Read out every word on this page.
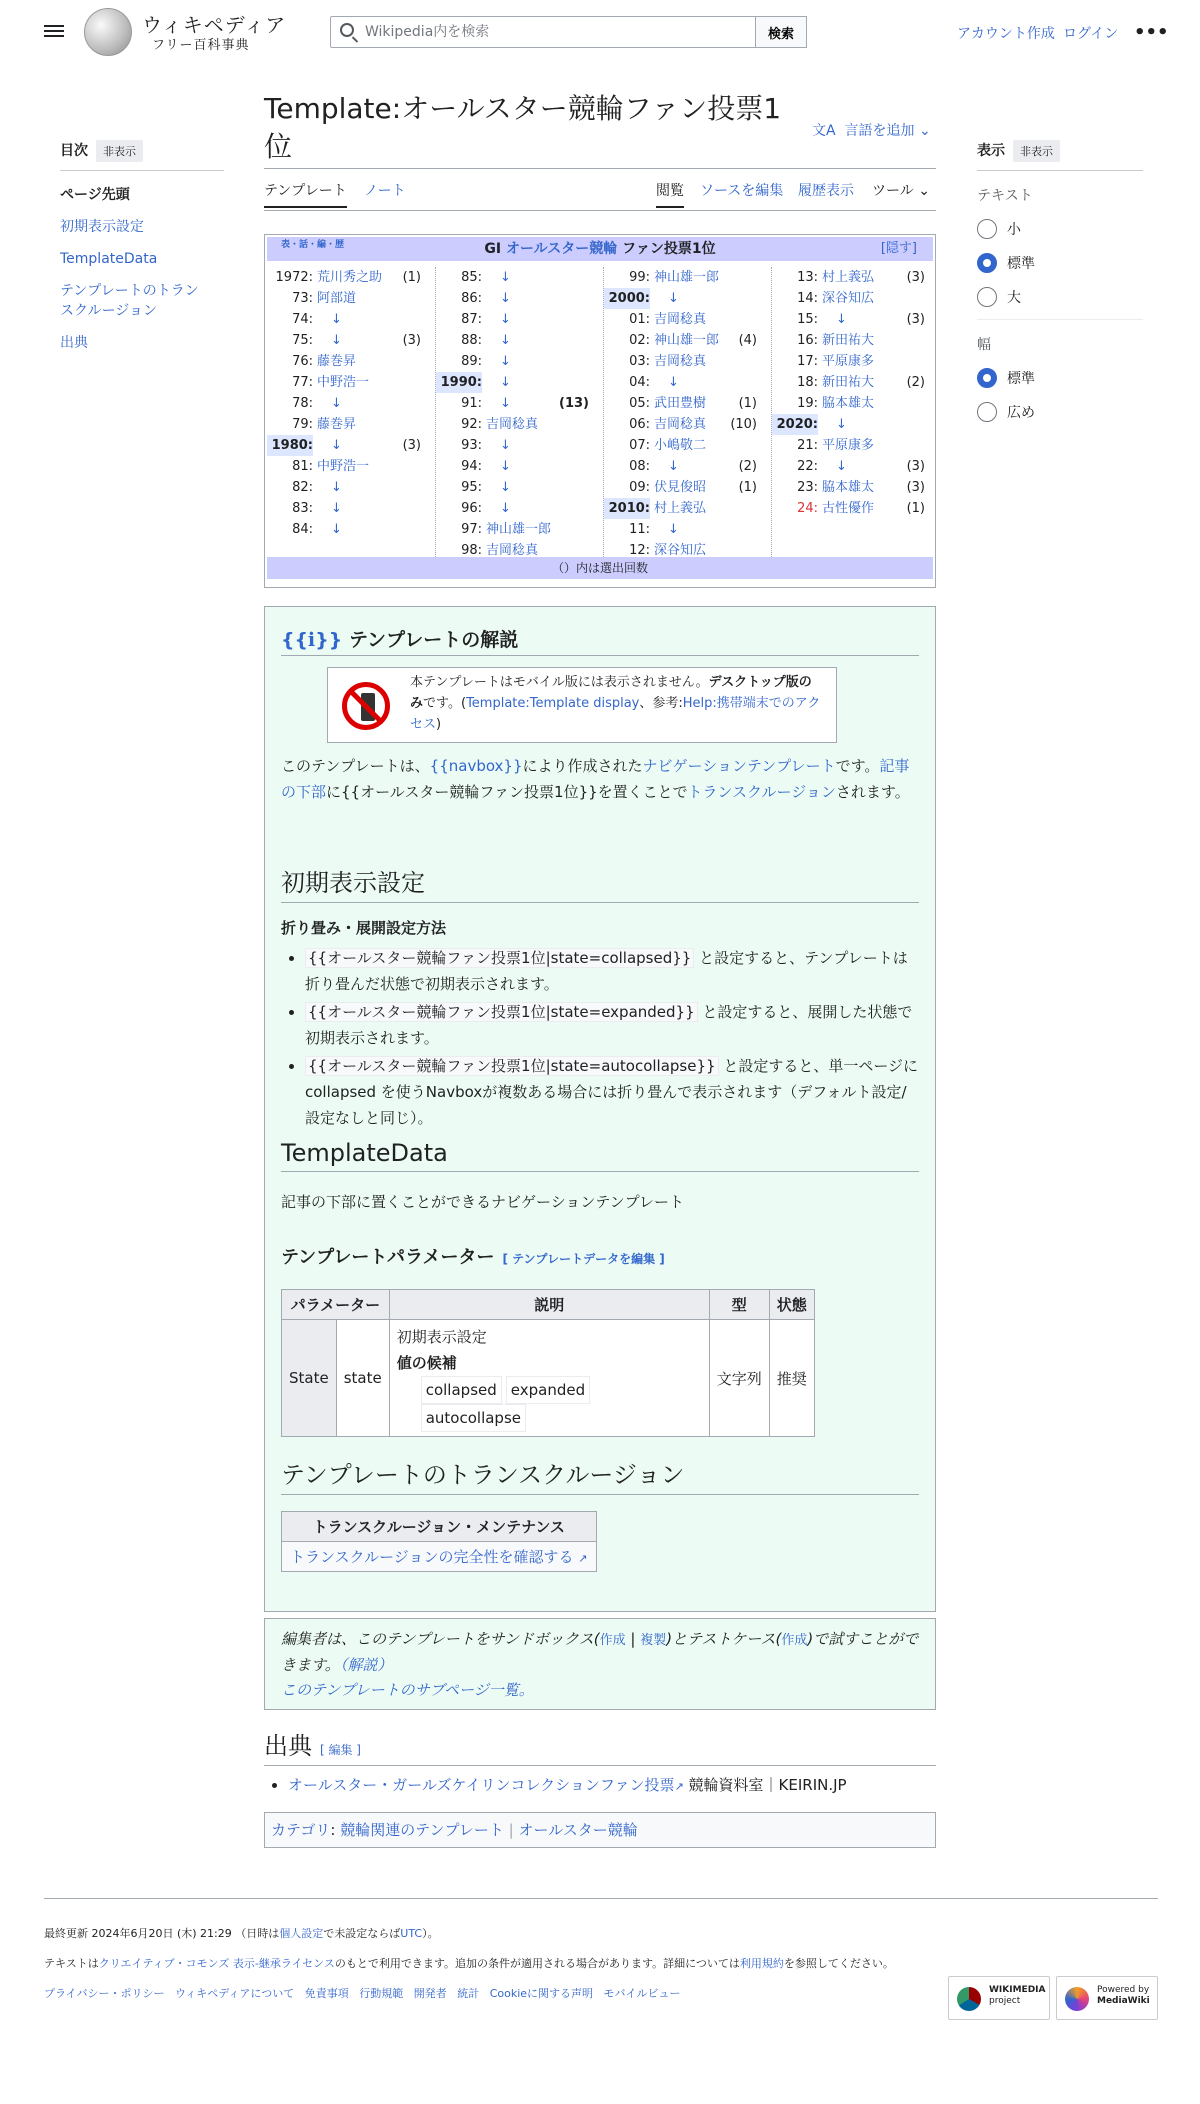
ウィキペディア
フリー百科事典
Wikipedia内を検索
検索	アカウント作成 ログイン •••
目次 非表示
ページ先頭
初期表示設定
TemplateData
テンプレートのトランスクルージョン
出典
表示 非表示
テキスト
小
標準
大
幅
標準
広め
Template:オールスター競輪ファン投票1位	文A 言語を追加 ⌄
テンプレート ノート	閲覧 ソースを編集 履歴表示 ツール ⌄
表・話・編・歴	GI オールスター競輪 ファン投票1位	[隠す]
1972: 荒川秀之助 (1)
73: 阿部道
74: ↓
75: ↓	(3)
76: 藤巻昇
77: 中野浩一
78: ↓
79: 藤巻昇
1980: ↓	(3)
81: 中野浩一
82: ↓
83: ↓
84: ↓
85: ↓
86: ↓
87: ↓
88: ↓
89: ↓
1990: ↓
91: ↓	(13)
92: 吉岡稔真
93: ↓
94: ↓
95: ↓
96: ↓
97: 神山雄一郎
98: 吉岡稔真
99: 神山雄一郎
2000: ↓
01: 吉岡稔真
02: 神山雄一郎 (4)
03: 吉岡稔真
04: ↓
05: 武田豊樹	(1)
06: 吉岡稔真 (10)
07: 小嶋敬二
08: ↓	(2)
09: 伏見俊昭	(1)
2010: 村上義弘
11: ↓
12: 深谷知広
13: 村上義弘	(3)
14: 深谷知広
15: ↓	(3)
16: 新田祐大
17: 平原康多
18: 新田祐大	(2)
19: 脇本雄太
2020: ↓
21: 平原康多
22: ↓	(3)
23: 脇本雄太	(3)
24: 古性優作	(1)
（）内は選出回数
{{ℹ}} テンプレートの解説
本テンプレートはモバイル版には表示されません。デスクトップ版のみです。(Template:Template display、参考:Help:携帯端末でのアクセス)
このテンプレートは、{{navbox}}により作成されたナビゲーションテンプレートです。記事の下部に{{オールスター競輪ファン投票1位}}を置くことでトランスクルージョンされます。
初期表示設定
折り畳み・展開設定方法
• {{オールスター競輪ファン投票1位|state=collapsed}} と設定すると、テンプレートは折り畳んだ状態で初期表示されます。
• {{オールスター競輪ファン投票1位|state=expanded}} と設定すると、展開した状態で初期表示されます。
• {{オールスター競輪ファン投票1位|state=autocollapse}} と設定すると、単一ページに collapsed を使うNavboxが複数ある場合には折り畳んで表示されます（デフォルト設定/設定なしと同じ）。
TemplateData
記事の下部に置くことができるナビゲーションテンプレート
テンプレートパラメーター [ テンプレートデータを編集 ]
パラメーター		説明	型	状態
State	state	初期表示設定
値の候補
collapsed expandedautocollapse	文字列	推奨
テンプレートのトランスクルージョン
トランスクルージョン・メンテナンス
トランスクルージョンの完全性を確認する ↗
編集者は、このテンプレートをサンドボックス(作成 | 複製)とテストケース(作成)で試すことができます。（解説）
このテンプレートのサブページ一覧。
出典 [ 編集 ]
• オールスター・ガールズケイリンコレクションファン投票↗ 競輪資料室｜KEIRIN.JP
カテゴリ: 競輪関連のテンプレート | オールスター競輪
最終更新 2024年6月20日 (木) 21:29 （日時は個人設定で未設定ならばUTC）。
テキストはクリエイティブ・コモンズ 表示-継承ライセンスのもとで利用できます。追加の条件が適用される場合があります。詳細については利用規約を参照してください。
プライバシー・ポリシー ウィキペディアについて 免責事項 行動規範 開発者 統計 Cookieに関する声明 モバイルビュー	WIKIMEDIA
project
Powered by
MediaWiki
